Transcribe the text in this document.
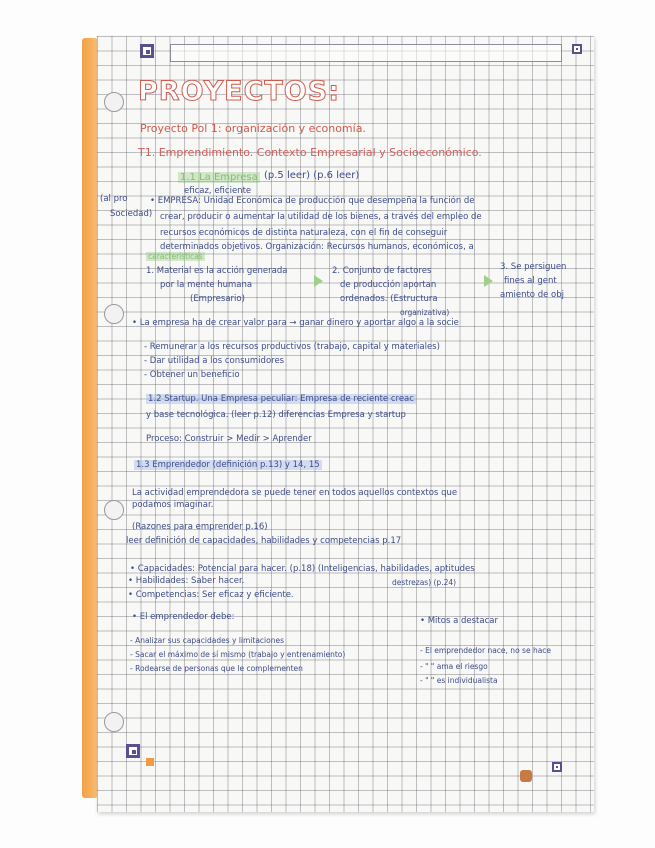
PROYECTOS:
Proyecto Pol 1: organización y economía.
T1. Emprendimiento. Contexto Empresarial y Socioeconómico.
1.1 La Empresa (p.5 leer) (p.6 leer)
eficaz, eficiente
(al pro
Sociedad)
• EMPRESA: Unidad Económica de producción que desempeña la función de
crear, producir o aumentar la utilidad de los bienes, a través del empleo de
recursos económicos de distinta naturaleza, con el fin de conseguir
determinados objetivos. Organización: Recursos humanos, económicos, a
características
1. Material es la acción generada
por la mente humana
(Empresario)
2. Conjunto de factores
de producción aportan
ordenados. (Estructura
organizativa)
3. Se persiguen
fines al gent
amiento de obj
• La empresa ha de crear valor para → ganar dinero y aportar algo a la socie
- Remunerar a los recursos productivos (trabajo, capital y materiales)
- Dar utilidad a los consumidores
- Obtener un beneficio
1.2 Startup. Una Empresa peculiar: Empresa de reciente creac
y base tecnológica. (leer p.12) diferencias Empresa y startup
Proceso: Construir > Medir > Aprender
1.3 Emprendedor (definición p.13) y 14, 15
La actividad emprendedora se puede tener en todos aquellos contextos que
podamos imaginar.
(Razones para emprender p.16)
leer definición de capacidades, habilidades y competencias p.17
• Capacidades: Potencial para hacer. (p.18) (Inteligencias, habilidades, aptitudes
destrezas) (p.24)
• Habilidades: Saber hacer.
• Competencias: Ser eficaz y eficiente.
• El emprendedor debe:
- Analizar sus capacidades y limitaciones
- Sacar el máximo de sí mismo (trabajo y entrenamiento)
- Rodearse de personas que le complementen
• Mitos a destacar
- El emprendedor nace, no se hace
- " " ama el riesgo
- " " es individualista
